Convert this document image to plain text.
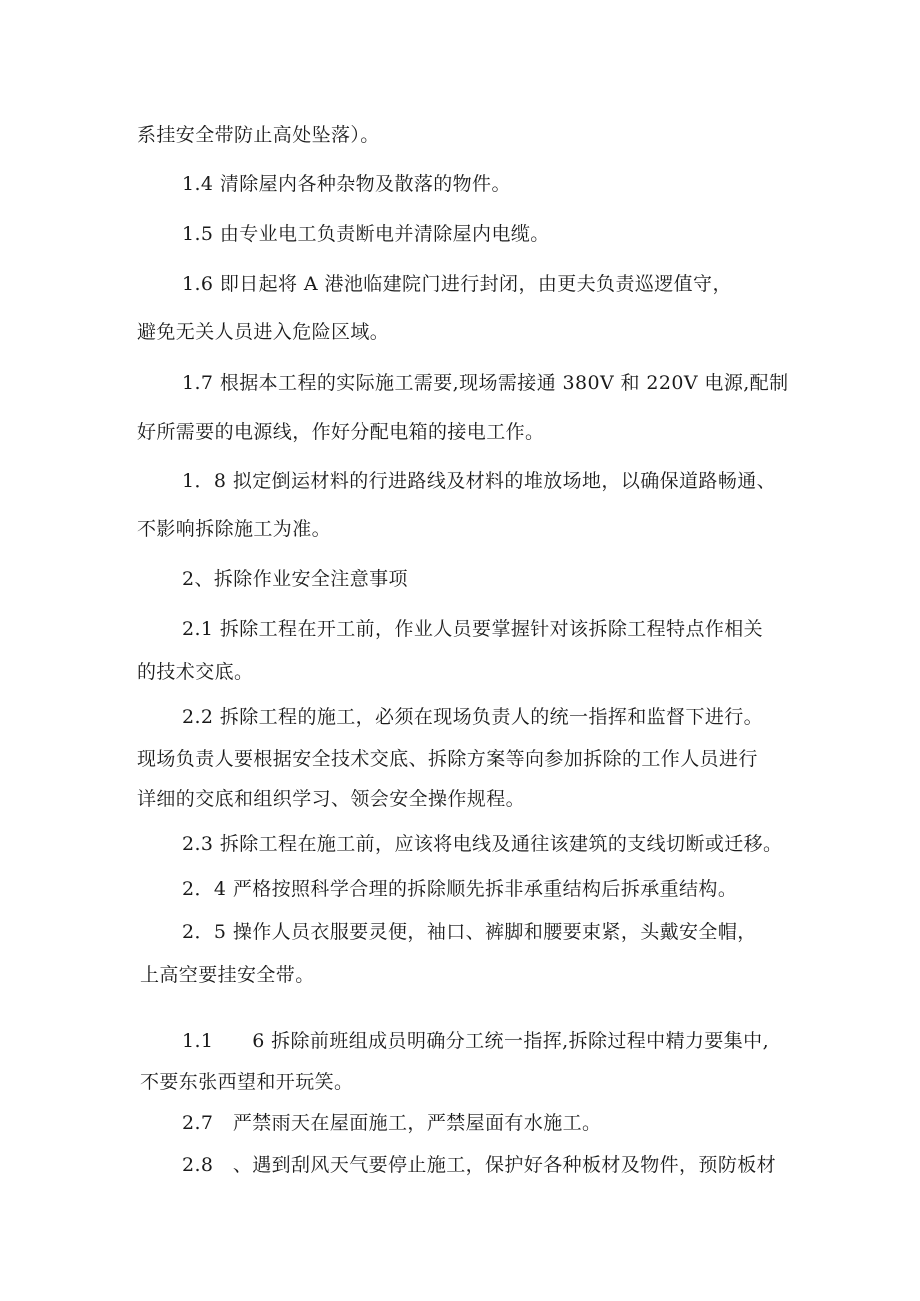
系挂安全带防止高处坠落）。
1.4 清除屋内各种杂物及散落的物件。
1.5 由专业电工负责断电并清除屋内电缆。
1.6 即日起将 A 港池临建院门进行封闭，由更夫负责巡逻值守，
避免无关人员进入危险区域。
1.7 根据本工程的实际施工需要,现场需接通 380V 和 220V 电源,配制
好所需要的电源线，作好分配电箱的接电工作。
1．8 拟定倒运材料的行进路线及材料的堆放场地，以确保道路畅通、
不影响拆除施工为准。
2、拆除作业安全注意事项
2.1 拆除工程在开工前，作业人员要掌握针对该拆除工程特点作相关
的技术交底。
2.2 拆除工程的施工，必须在现场负责人的统一指挥和监督下进行。
现场负责人要根据安全技术交底、拆除方案等向参加拆除的工作人员进行
详细的交底和组织学习、领会安全操作规程。
2.3 拆除工程在施工前，应该将电线及通往该建筑的支线切断或迁移。
2．4 严格按照科学合理的拆除顺先拆非承重结构后拆承重结构。
2．5 操作人员衣服要灵便，袖口、裤脚和腰要束紧，头戴安全帽，
上高空要挂安全带。
1.1　　6 拆除前班组成员明确分工统一指挥,拆除过程中精力要集中,
不要东张西望和开玩笑。
2.7　严禁雨天在屋面施工，严禁屋面有水施工。
2.8　、遇到刮风天气要停止施工，保护好各种板材及物件，预防板材
